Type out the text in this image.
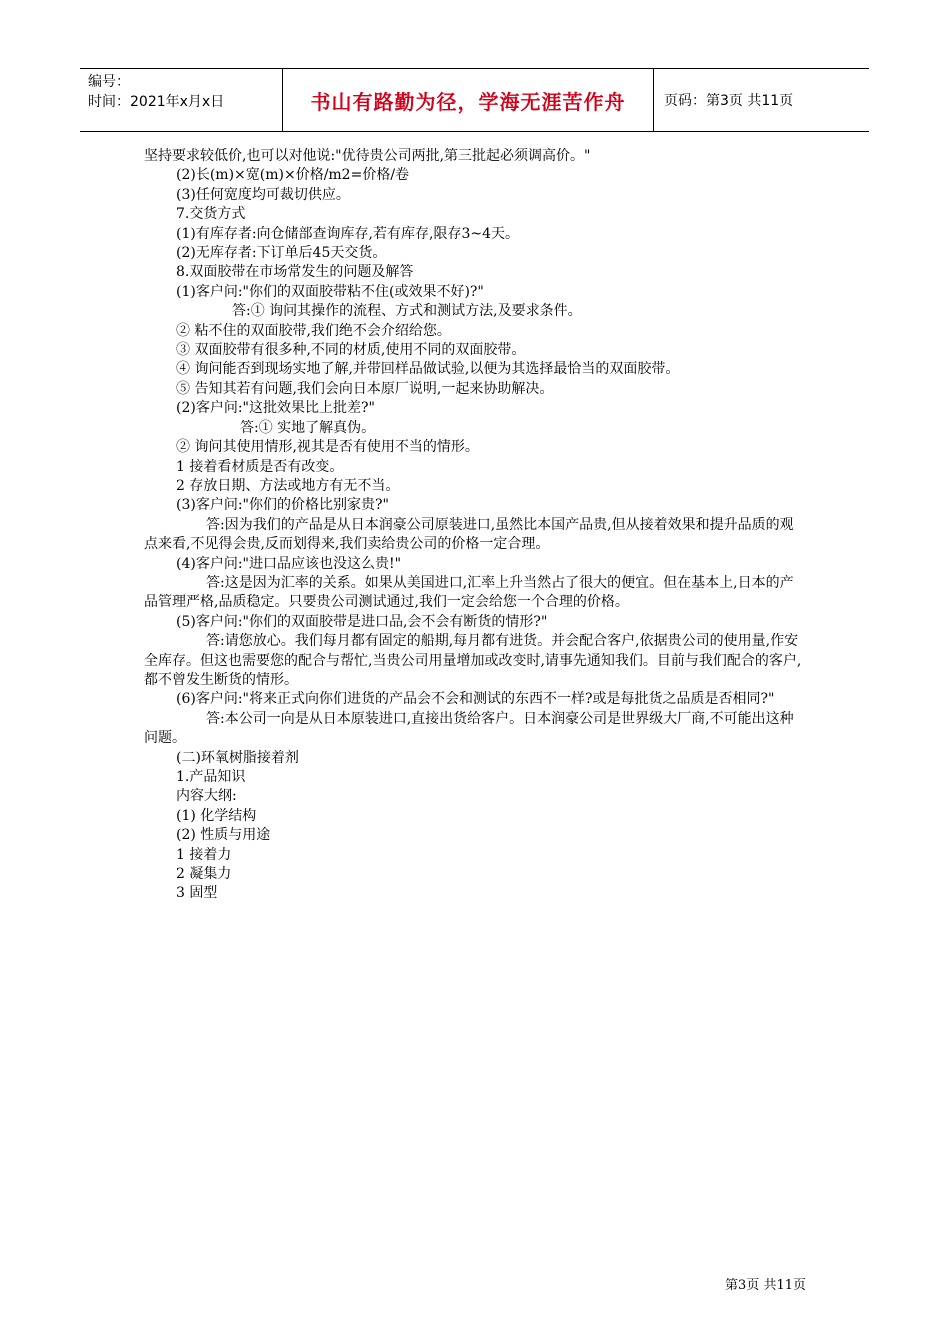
编号：
时间：2021年x月x日	书山有路勤为径，学海无涯苦作舟	页码：第3页 共11页

坚持要求较低价,也可以对他说:"优待贵公司两批,第三批起必须调高价。"

(2)长(m)×宽(m)×价格/m2=价格/卷

(3)任何宽度均可裁切供应。

7.交货方式

(1)有库存者:向仓储部查询库存,若有库存,限存3~4天。

(2)无库存者:下订单后45天交货。

8.双面胶带在市场常发生的问题及解答

(1)客户问:"你们的双面胶带粘不住(或效果不好)?"

答:① 询问其操作的流程、方式和测试方法,及要求条件。

② 粘不住的双面胶带,我们绝不会介绍给您。

③ 双面胶带有很多种,不同的材质,使用不同的双面胶带。

④ 询问能否到现场实地了解,并带回样品做试验,以便为其选择最恰当的双面胶带。

⑤ 告知其若有问题,我们会向日本原厂说明,一起来协助解决。

(2)客户问:"这批效果比上批差?"

答:① 实地了解真伪。

② 询问其使用情形,视其是否有使用不当的情形。

1 接着看材质是否有改变。

2 存放日期、方法或地方有无不当。

(3)客户问:"你们的价格比别家贵?"

答:因为我们的产品是从日本润豪公司原装进口,虽然比本国产品贵,但从接着效果和提升品质的观点来看,不见得会贵,反而划得来,我们卖给贵公司的价格一定合理。

(4)客户问:"进口品应该也没这么贵!"

答:这是因为汇率的关系。如果从美国进口,汇率上升当然占了很大的便宜。但在基本上,日本的产品管理严格,品质稳定。只要贵公司测试通过,我们一定会给您一个合理的价格。

(5)客户问:"你们的双面胶带是进口品,会不会有断货的情形?"

答:请您放心。我们每月都有固定的船期,每月都有进货。并会配合客户,依据贵公司的使用量,作安全库存。但这也需要您的配合与帮忙,当贵公司用量增加或改变时,请事先通知我们。目前与我们配合的客户,都不曾发生断货的情形。

(6)客户问:"将来正式向你们进货的产品会不会和测试的东西不一样?或是每批货之品质是否相同?"

答:本公司一向是从日本原装进口,直接出货给客户。日本润豪公司是世界级大厂商,不可能出这种问题。

(二)环氧树脂接着剂

1.产品知识

内容大纲:

(1) 化学结构

(2) 性质与用途

1 接着力

2 凝集力

3 固型

第3页 共11页
